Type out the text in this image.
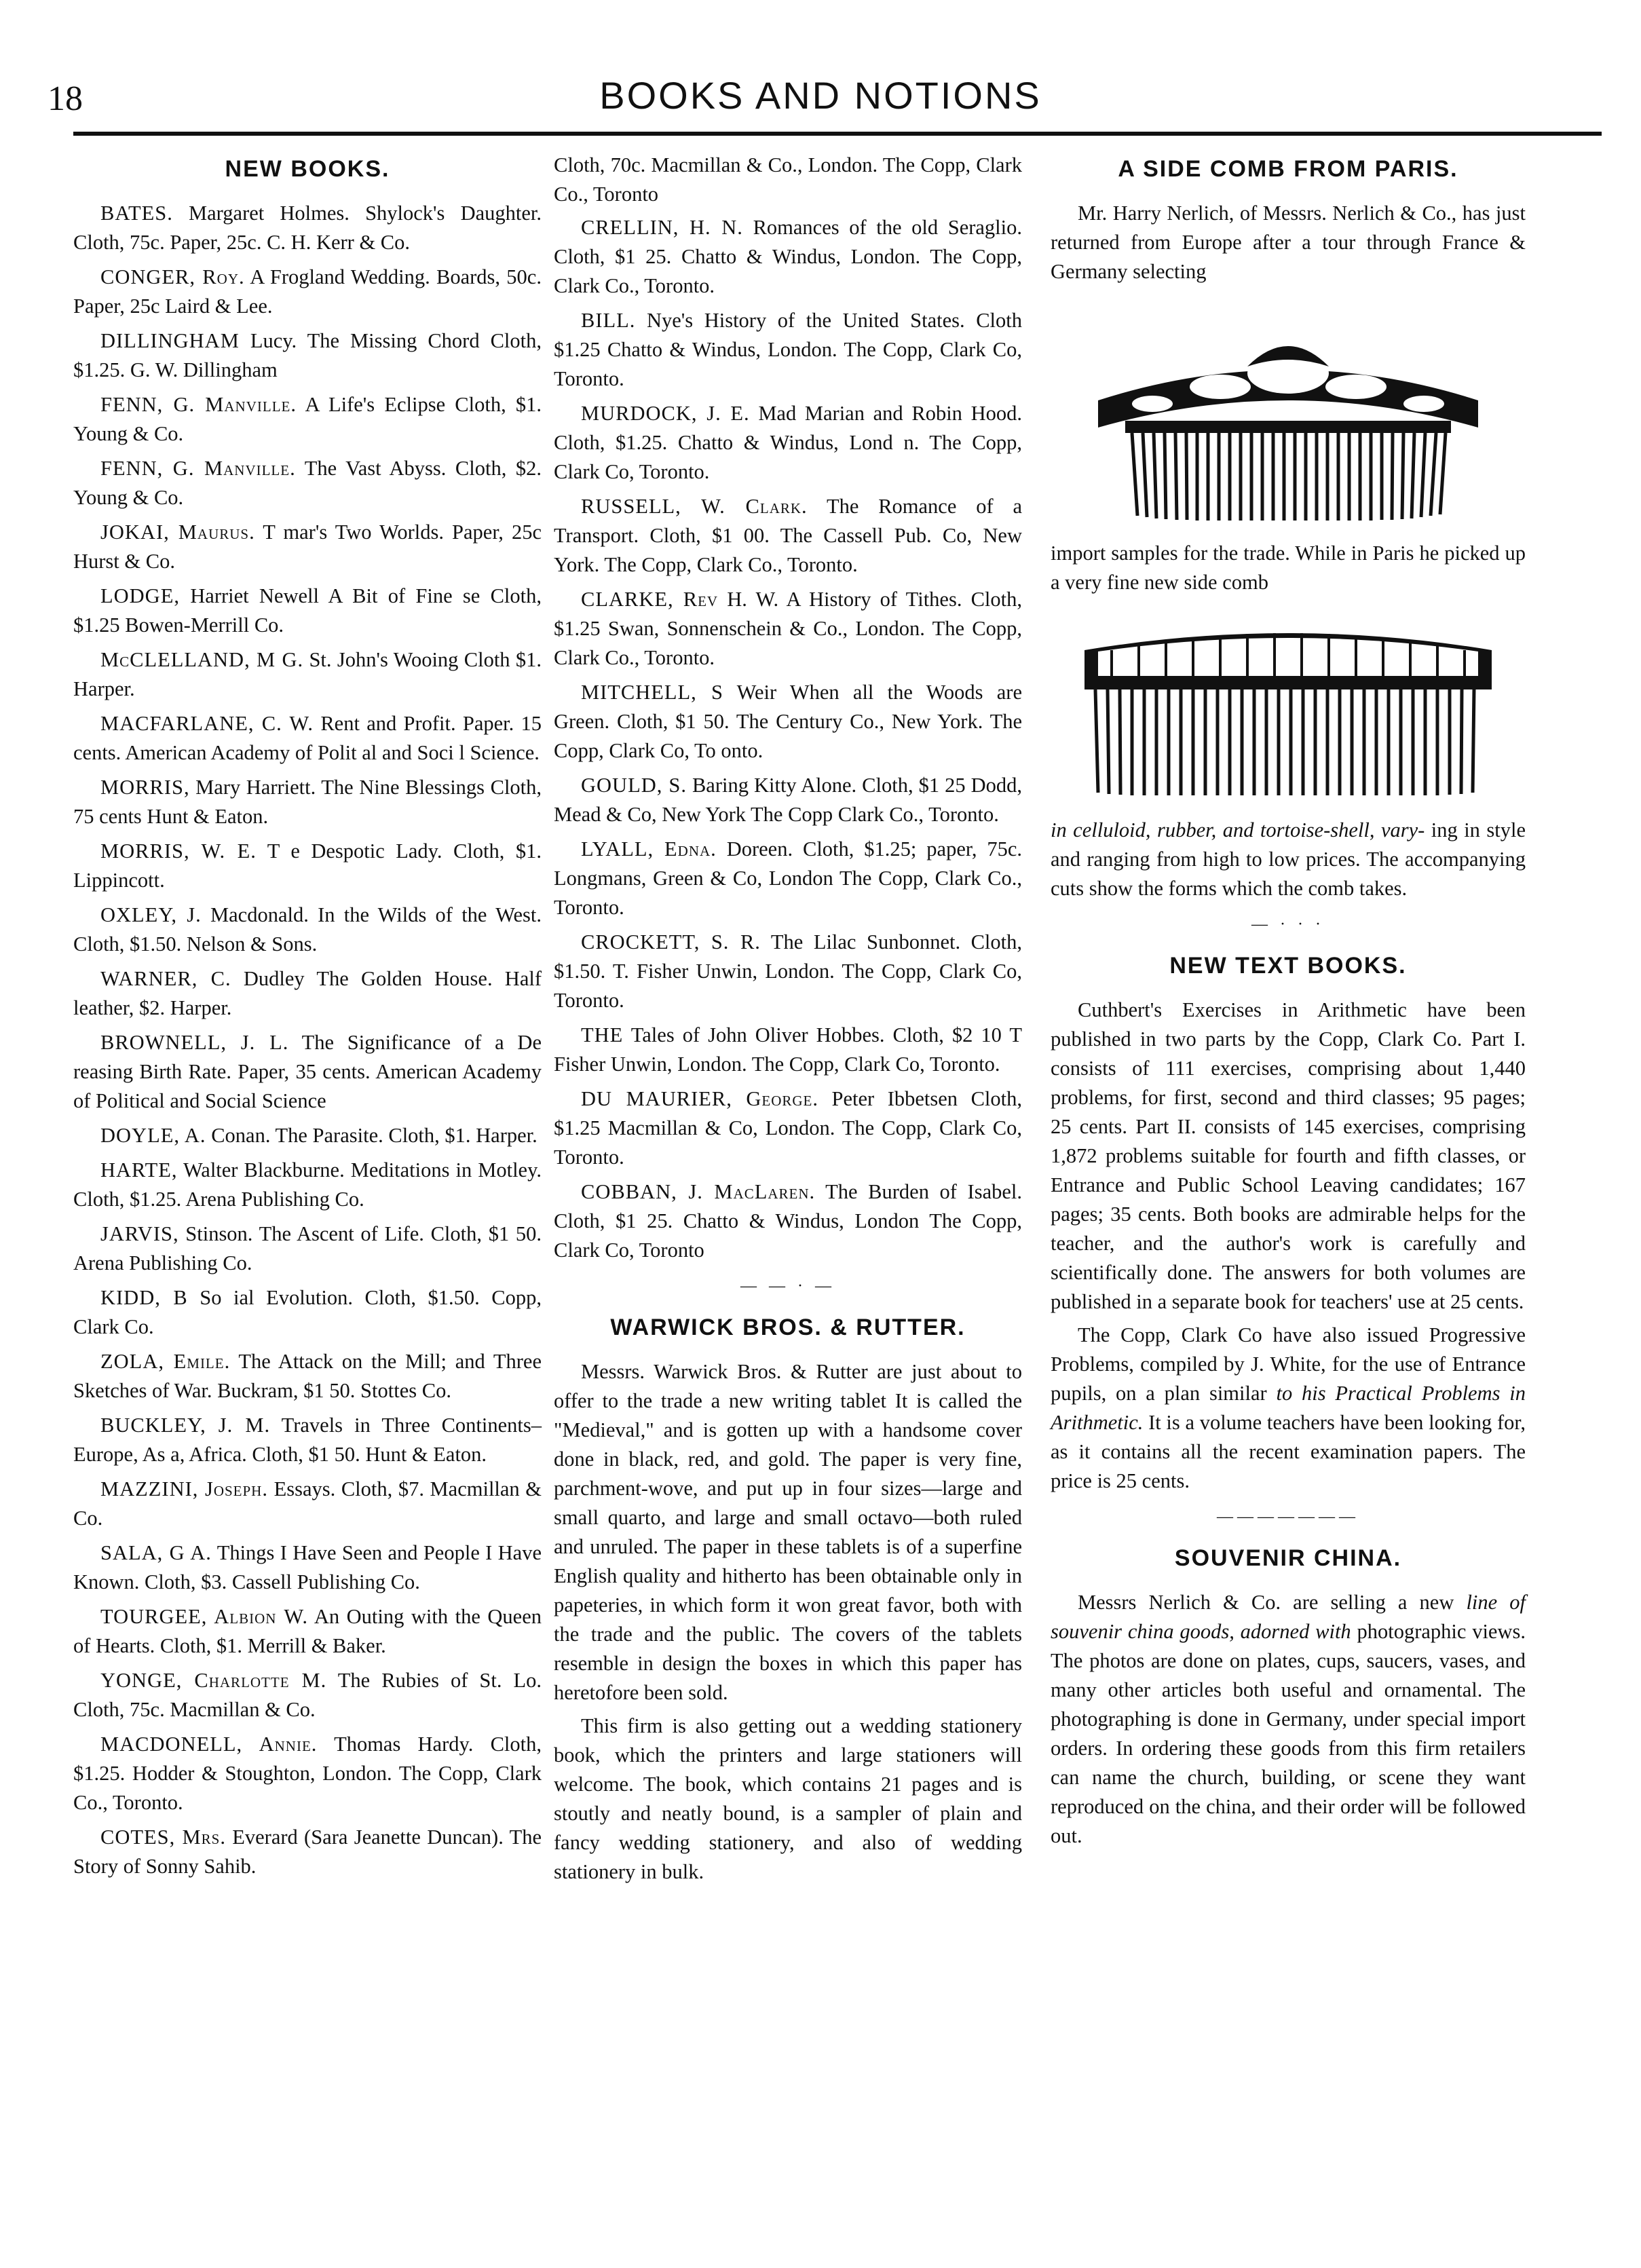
18	BOOKS AND NOTIONS
NEW BOOKS.

BATES. Margaret Holmes. Shylock's Daughter. Cloth, 75c. Paper, 25c. C. H. Kerr & Co.

CONGER, Roy. A Frogland Wedding. Boards, 50c. Paper, 25c Laird & Lee.

DILLINGHAM Lucy. The Missing Chord Cloth, $1.25. G. W. Dillingham

FENN, G. Manville. A Life's Eclipse Cloth, $1. Young & Co.

FENN, G. Manville. The Vast Abyss. Cloth, $2. Young & Co.

JOKAI, Maurus. T mar's Two Worlds. Paper, 25c Hurst & Co.

LODGE, Harriet Newell A Bit of Fine se Cloth, $1.25 Bowen-Merrill Co.

McCLELLAND, M G. St. John's Wooing Cloth $1. Harper.

MACFARLANE, C. W. Rent and Profit. Paper. 15 cents. American Academy of Polit al and Soci l Science.

MORRIS, Mary Harriett. The Nine Blessings Cloth, 75 cents Hunt & Eaton.

MORRIS, W. E. T e Despotic Lady. Cloth, $1. Lippincott.

OXLEY, J. Macdonald. In the Wilds of the West. Cloth, $1.50. Nelson & Sons.

WARNER, C. Dudley The Golden House. Half leather, $2. Harper.

BROWNELL, J. L. The Significance of a De reasing Birth Rate. Paper, 35 cents. American Academy of Political and Social Science

DOYLE, A. Conan. The Parasite. Cloth, $1. Harper.

HARTE, Walter Blackburne. Meditations in Motley. Cloth, $1.25. Arena Publishing Co.

JARVIS, Stinson. The Ascent of Life. Cloth, $1 50. Arena Publishing Co.

KIDD, B So ial Evolution. Cloth, $1.50. Copp, Clark Co.

ZOLA, Emile. The Attack on the Mill; and Three Sketches of War. Buckram, $1 50. Stottes Co.

BUCKLEY, J. M. Travels in Three Continents– Europe, As a, Africa. Cloth, $1 50. Hunt & Eaton.

MAZZINI, Joseph. Essays. Cloth, $7. Macmillan & Co.

SALA, G A. Things I Have Seen and People I Have Known. Cloth, $3. Cassell Publishing Co.

TOURGEE, Albion W. An Outing with the Queen of Hearts. Cloth, $1. Merrill & Baker.

YONGE, Charlotte M. The Rubies of St. Lo. Cloth, 75c. Macmillan & Co.

MACDONELL, Annie. Thomas Hardy. Cloth, $1.25. Hodder & Stoughton, London. The Copp, Clark Co., Toronto.

COTES, Mrs. Everard (Sara Jeanette Duncan). The Story of Sonny Sahib.

Cloth, 70c. Macmillan & Co., London. The Copp, Clark Co., Toronto

CRELLIN, H. N. Romances of the old Seraglio. Cloth, $1 25. Chatto & Windus, London. The Copp, Clark Co., Toronto.

BILL. Nye's History of the United States. Cloth $1.25 Chatto & Windus, London. The Copp, Clark Co, Toronto.

MURDOCK, J. E. Mad Marian and Robin Hood. Cloth, $1.25. Chatto & Windus, Lond n. The Copp, Clark Co, Toronto.

RUSSELL, W. Clark. The Romance of a Transport. Cloth, $1 00. The Cassell Pub. Co, New York. The Copp, Clark Co., Toronto.

CLARKE, Rev H. W. A History of Tithes. Cloth, $1.25 Swan, Sonnenschein & Co., London. The Copp, Clark Co., Toronto.

MITCHELL, S Weir When all the Woods are Green. Cloth, $1 50. The Century Co., New York. The Copp, Clark Co, To onto.

GOULD, S. Baring Kitty Alone. Cloth, $1 25 Dodd, Mead & Co, New York The Copp Clark Co., Toronto.

LYALL, Edna. Doreen. Cloth, $1.25; paper, 75c. Longmans, Green & Co, London The Copp, Clark Co., Toronto.

CROCKETT, S. R. The Lilac Sunbonnet. Cloth, $1.50. T. Fisher Unwin, London. The Copp, Clark Co, Toronto.

THE Tales of John Oliver Hobbes. Cloth, $2 10 T Fisher Unwin, London. The Copp, Clark Co, Toronto.

DU MAURIER, George. Peter Ibbetsen Cloth, $1.25 Macmillan & Co, London. The Copp, Clark Co, Toronto.

COBBAN, J. MacLaren. The Burden of Isabel. Cloth, $1 25. Chatto & Windus, London The Copp, Clark Co, Toronto

— — · —
WARWICK BROS. & RUTTER.

Messrs. Warwick Bros. & Rutter are just about to offer to the trade a new writing tablet It is called the "Medieval," and is gotten up with a handsome cover done in black, red, and gold. The paper is very fine, parchment-wove, and put up in four sizes—large and small quarto, and large and small octavo—both ruled and unruled. The paper in these tablets is of a superfine English quality and hitherto has been obtainable only in papeteries, in which form it won great favor, both with the trade and the public. The covers of the tablets resemble in design the boxes in which this paper has heretofore been sold.

This firm is also getting out a wedding stationery book, which the printers and large stationers will welcome. The book, which contains 21 pages and is stoutly and neatly bound, is a sampler of plain and fancy wedding stationery, and also of wedding stationery in bulk.

A SIDE COMB FROM PARIS.

Mr. Harry Nerlich, of Messrs. Nerlich & Co., has just returned from Europe after a tour through France & Germany selecting

import samples for the trade. While in Paris he picked up a very fine new side comb

in celluloid, rubber, and tortoise-shell, vary- ing in style and ranging from high to low prices. The accompanying cuts show the forms which the comb takes.

— · · ·
NEW TEXT BOOKS.

Cuthbert's Exercises in Arithmetic have been published in two parts by the Copp, Clark Co. Part I. consists of 111 exercises, comprising about 1,440 problems, for first, second and third classes; 95 pages; 25 cents. Part II. consists of 145 exercises, comprising 1,872 problems suitable for fourth and fifth classes, or Entrance and Public School Leaving candidates; 167 pages; 35 cents. Both books are admirable helps for the teacher, and the author's work is carefully and scientifically done. The answers for both volumes are published in a separate book for teachers' use at 25 cents.

The Copp, Clark Co have also issued Progressive Problems, compiled by J. White, for the use of Entrance pupils, on a plan similar to his Practical Problems in Arithmetic. It is a volume teachers have been looking for, as it contains all the recent examination papers. The price is 25 cents.

———————
SOUVENIR CHINA.

Messrs Nerlich & Co. are selling a new line of souvenir china goods, adorned with photographic views. The photos are done on plates, cups, saucers, vases, and many other articles both useful and ornamental. The photographing is done in Germany, under special import orders. In ordering these goods from this firm retailers can name the church, building, or scene they want reproduced on the china, and their order will be followed out.
